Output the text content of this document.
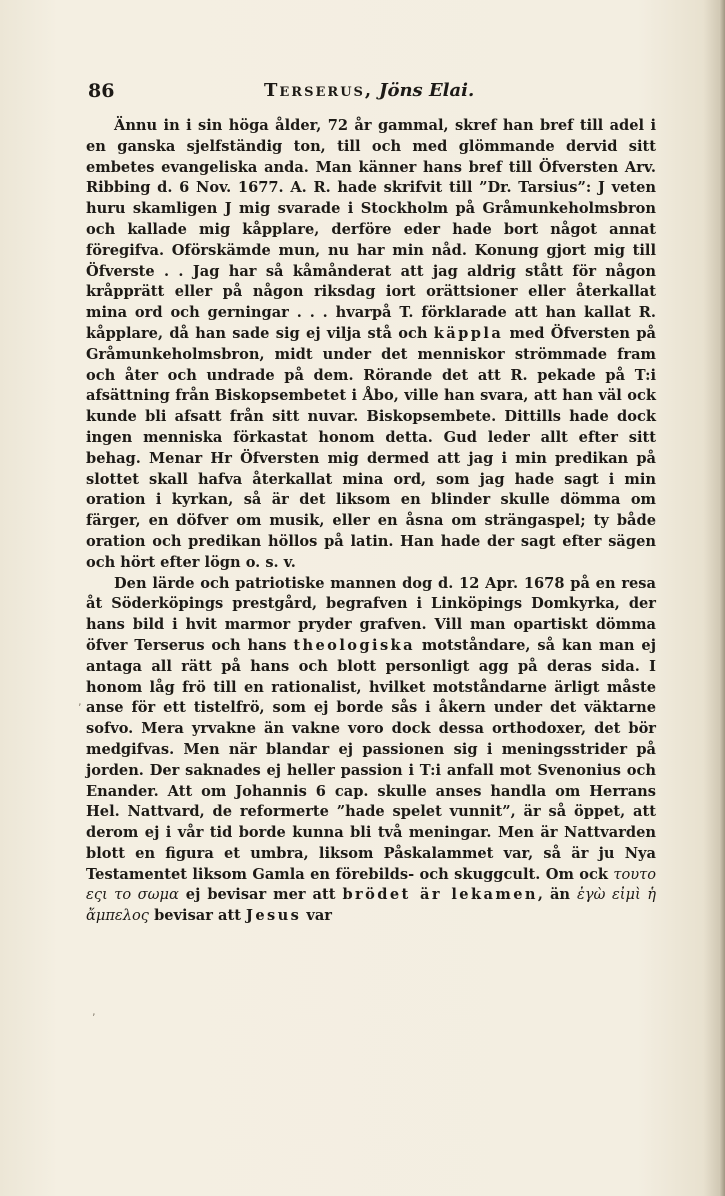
86	Terserus, Jöns Elai.

Ännu in i sin höga ålder, 72 år gammal, skref han bref till adel i en ganska sjelfständig ton, till och med glömmande dervid sitt embetes evangeliska anda. Man känner hans bref till Öfversten Arv. Ribbing d. 6 Nov. 1677. A. R. hade skrifvit till ”Dr. Tarsius”: J veten huru skamligen J mig svarade i Stockholm på Gråmunkeholmsbron och kallade mig kåpplare, derföre eder hade bort något annat föregifva. Oförskämde mun, nu har min nåd. Konung gjort mig till Öfverste . . Jag har så kåmånderat att jag aldrig stått för någon kråpprätt eller på någon riksdag iort orättsioner eller återkallat mina ord och gerningar . . . hvarpå T. förklarade att han kallat R. kåpplare, då han sade sig ej vilja stå och käppla med Öfversten på Gråmunkeholmsbron, midt under det menniskor strömmade fram och åter och undrade på dem. Rörande det att R. pekade på T:i afsättning från Biskopsembetet i Åbo, ville han svara, att han väl ock kunde bli afsatt från sitt nuvar. Biskopsembete. Dittills hade dock ingen menniska förkastat honom detta. Gud leder allt efter sitt behag. Menar Hr Öfversten mig dermed att jag i min predikan på slottet skall hafva återkallat mina ord, som jag hade sagt i min oration i kyrkan, så är det liksom en blinder skulle dömma om färger, en döfver om musik, eller en åsna om strängaspel; ty både oration och predikan höllos på latin. Han hade der sagt efter sägen och hört efter lögn o. s. v.

Den lärde och patriotiske mannen dog d. 12 Apr. 1678 på en resa åt Söderköpings prestgård, begrafven i Linköpings Domkyrka, der hans bild i hvit marmor pryder grafven. Vill man opartiskt dömma öfver Terserus och hans theologiska motståndare, så kan man ej antaga all rätt på hans och blott personligt agg på deras sida. I honom låg frö till en rationalist, hvilket motståndarne ärligt måste anse för ett tistelfrö, som ej borde sås i åkern under det väktarne sofvo. Mera yrvakne än vakne voro dock dessa orthodoxer, det bör medgifvas. Men när blandar ej passionen sig i meningsstrider på jorden. Der saknades ej heller passion i T:i anfall mot Svenonius och Enander. Att om Johannis 6 cap. skulle anses handla om Herrans Hel. Nattvard, de reformerte ”hade spelet vunnit”, är så öppet, att derom ej i vår tid borde kunna bli två meningar. Men är Nattvarden blott en figura et umbra, liksom Påskalammet var, så är ju Nya Testamentet liksom Gamla en förebilds- och skuggcult. Om ock τουτο εςι το σωμα ej bevisar mer att brödet är lekamen, än ἐγὼ εἰμὶ ἡ ἄμπελος bevisar att Jesus var

‚
‚
